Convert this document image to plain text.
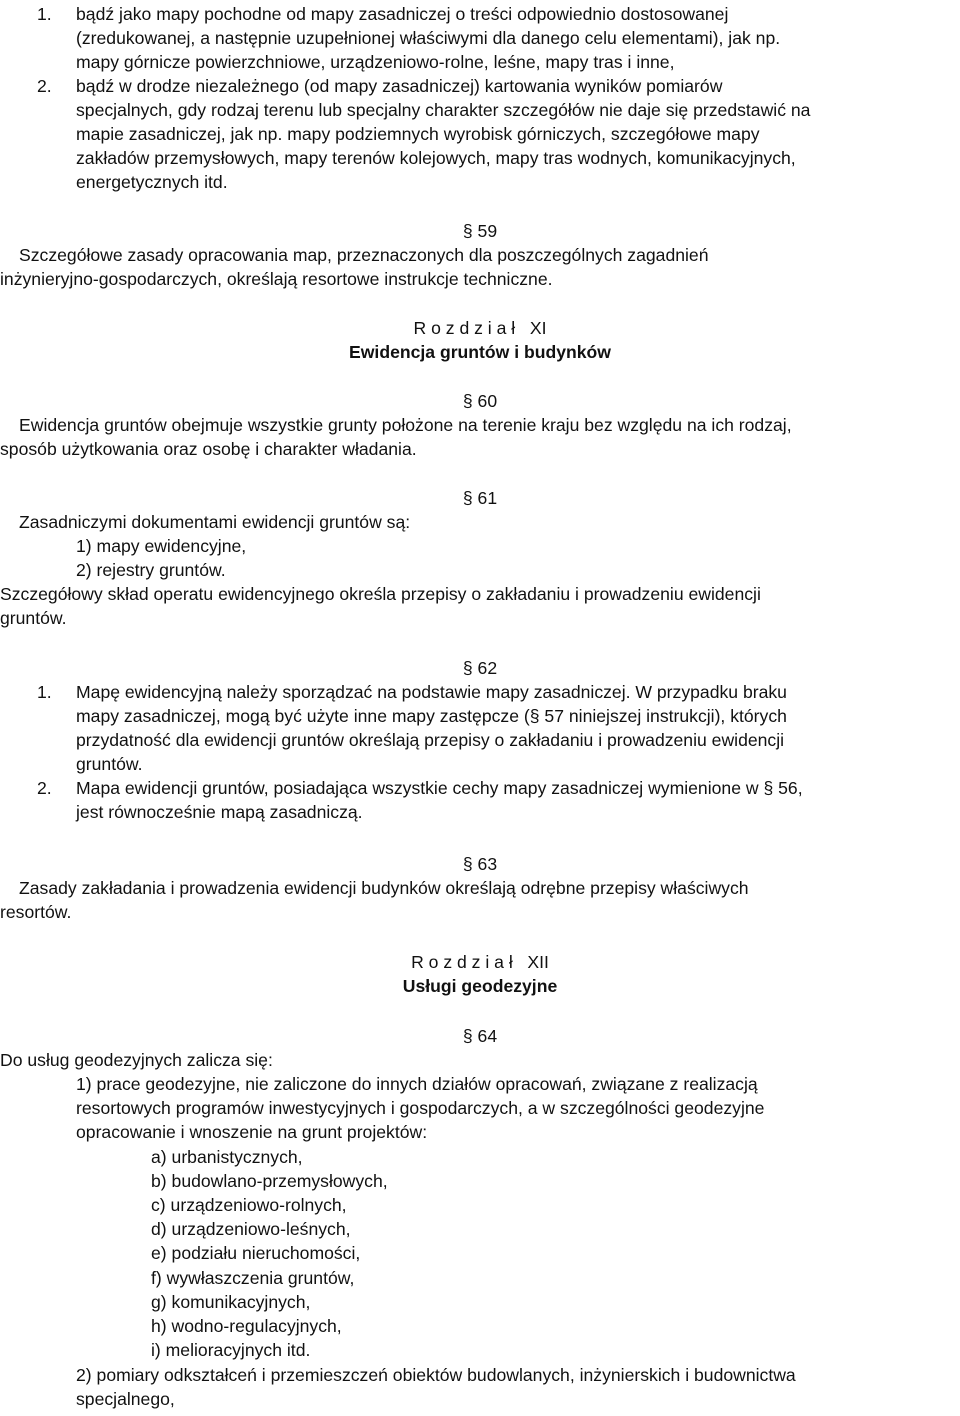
1. bądź jako mapy pochodne od mapy zasadniczej o treści odpowiednio dostosowanej
(zredukowanej, a następnie uzupełnionej właściwymi dla danego celu elementami), jak np.
mapy górnicze powierzchniowe, urządzeniowo-rolne, leśne, mapy tras i inne,
2. bądź w drodze niezależnego (od mapy zasadniczej) kartowania wyników pomiarów
specjalnych, gdy rodzaj terenu lub specjalny charakter szczegółów nie daje się przedstawić na
mapie zasadniczej, jak np. mapy podziemnych wyrobisk górniczych, szczegółowe mapy
zakładów przemysłowych, mapy terenów kolejowych, mapy tras wodnych, komunikacyjnych,
energetycznych itd.
§ 59
Szczegółowe zasady opracowania map, przeznaczonych dla poszczególnych zagadnień
inżynieryjno-gospodarczych, określają resortowe instrukcje techniczne.
R o z d z i a ł   XI
Ewidencja gruntów i budynków
§ 60
Ewidencja gruntów obejmuje wszystkie grunty położone na terenie kraju bez względu na ich rodzaj,
sposób użytkowania oraz osobę i charakter władania.
§ 61
Zasadniczymi dokumentami ewidencji gruntów są:
1) mapy ewidencyjne,
2) rejestry gruntów.
Szczegółowy skład operatu ewidencyjnego określa przepisy o zakładaniu i prowadzeniu ewidencji
gruntów.
§ 62
1. Mapę ewidencyjną należy sporządzać na podstawie mapy zasadniczej. W przypadku braku
mapy zasadniczej, mogą być użyte inne mapy zastępcze (§ 57 niniejszej instrukcji), których
przydatność dla ewidencji gruntów określają przepisy o zakładaniu i prowadzeniu ewidencji
gruntów.
2. Mapa ewidencji gruntów, posiadająca wszystkie cechy mapy zasadniczej wymienione w § 56,
jest równocześnie mapą zasadniczą.
§ 63
Zasady zakładania i prowadzenia ewidencji budynków określają odrębne przepisy właściwych
resortów.
R o z d z i a ł   XII
Usługi geodezyjne
§ 64
Do usług geodezyjnych zalicza się:
1) prace geodezyjne, nie zaliczone do innych działów opracowań, związane z realizacją
resortowych programów inwestycyjnych i gospodarczych, a w szczególności geodezyjne
opracowanie i wnoszenie na grunt projektów:
a) urbanistycznych,
b) budowlano-przemysłowych,
c) urządzeniowo-rolnych,
d) urządzeniowo-leśnych,
e) podziału nieruchomości,
f) wywłaszczenia gruntów,
g) komunikacyjnych,
h) wodno-regulacyjnych,
i) melioracyjnych itd.
2) pomiary odkształceń i przemieszczeń obiektów budowlanych, inżynierskich i budownictwa
specjalnego,
